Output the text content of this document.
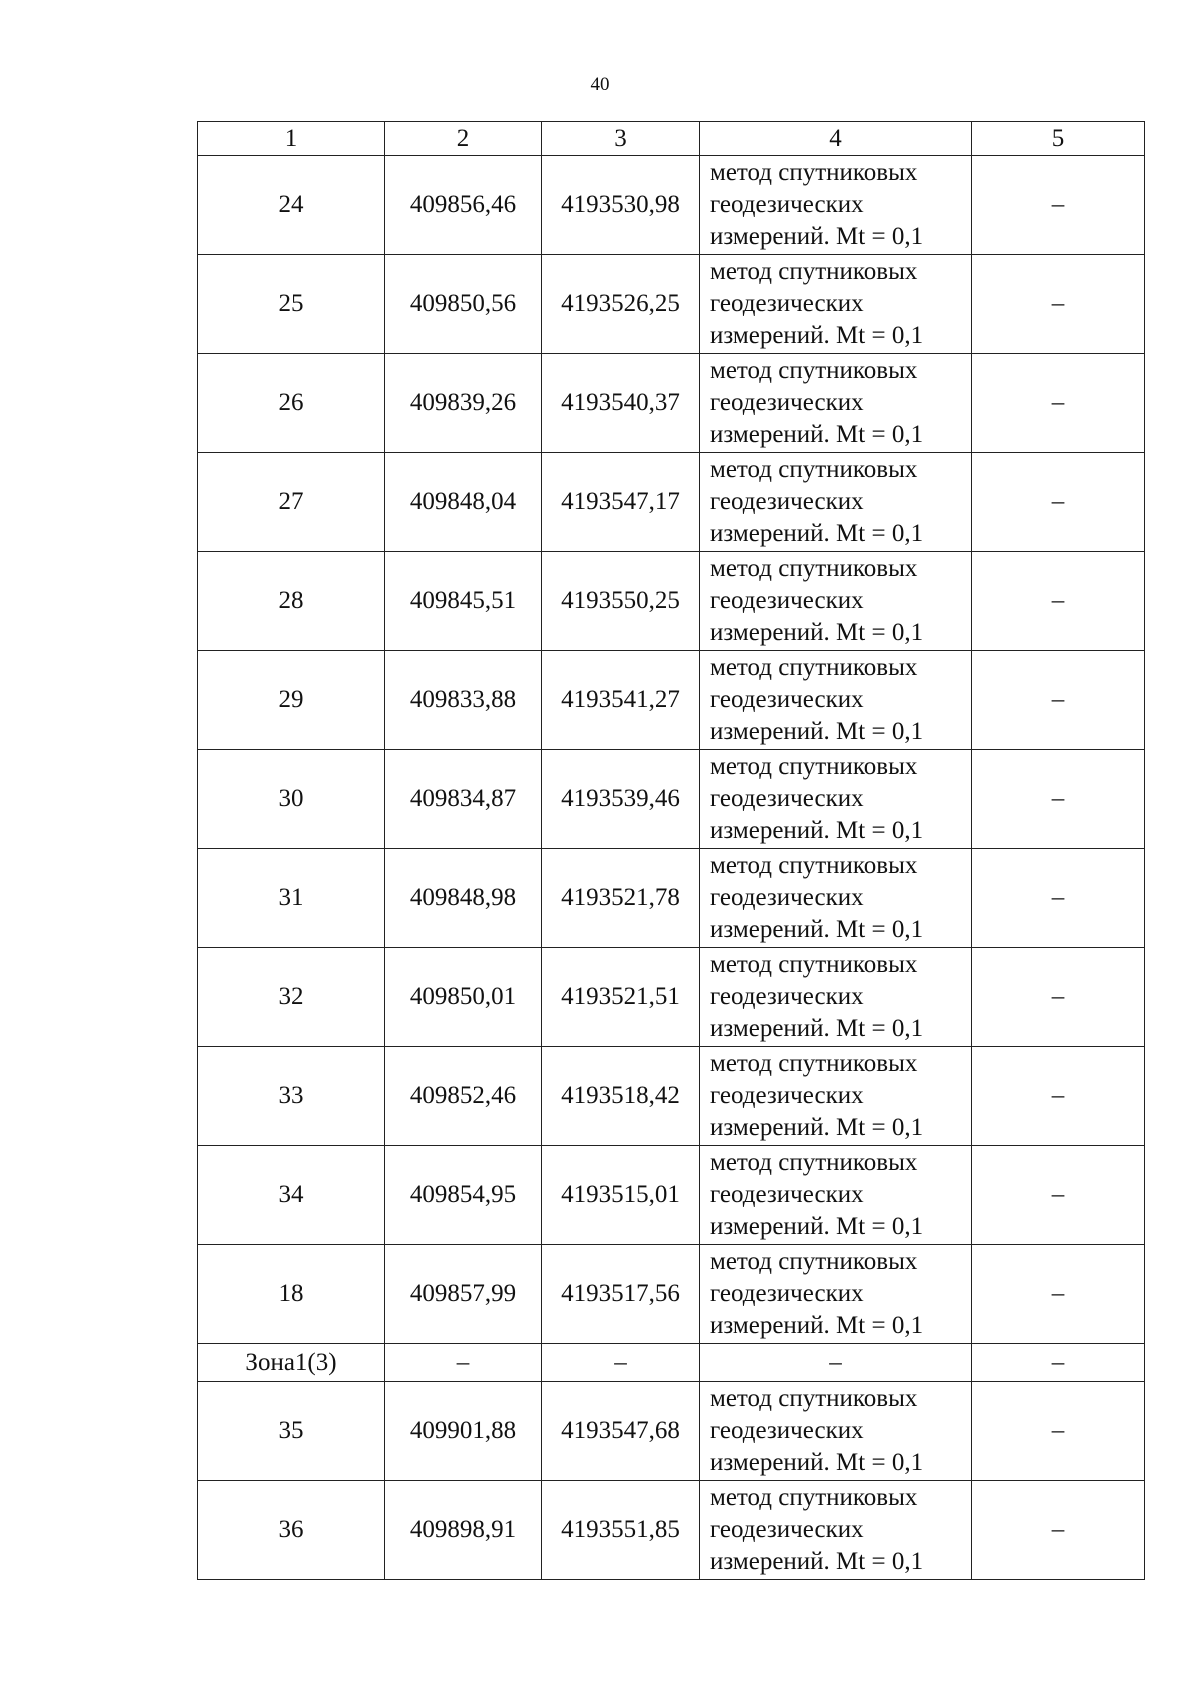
40
1	2	3	4	5
24	409856,46	4193530,98	метод спутниковых
геодезических
измерений. Mt = 0,1	–
25	409850,56	4193526,25	метод спутниковых
геодезических
измерений. Mt = 0,1	–
26	409839,26	4193540,37	метод спутниковых
геодезических
измерений. Mt = 0,1	–
27	409848,04	4193547,17	метод спутниковых
геодезических
измерений. Mt = 0,1	–
28	409845,51	4193550,25	метод спутниковых
геодезических
измерений. Mt = 0,1	–
29	409833,88	4193541,27	метод спутниковых
геодезических
измерений. Mt = 0,1	–
30	409834,87	4193539,46	метод спутниковых
геодезических
измерений. Mt = 0,1	–
31	409848,98	4193521,78	метод спутниковых
геодезических
измерений. Mt = 0,1	–
32	409850,01	4193521,51	метод спутниковых
геодезических
измерений. Mt = 0,1	–
33	409852,46	4193518,42	метод спутниковых
геодезических
измерений. Mt = 0,1	–
34	409854,95	4193515,01	метод спутниковых
геодезических
измерений. Mt = 0,1	–
18	409857,99	4193517,56	метод спутниковых
геодезических
измерений. Mt = 0,1	–
Зона1(3)	–	–	–	–
35	409901,88	4193547,68	метод спутниковых
геодезических
измерений. Mt = 0,1	–
36	409898,91	4193551,85	метод спутниковых
геодезических
измерений. Mt = 0,1	–
